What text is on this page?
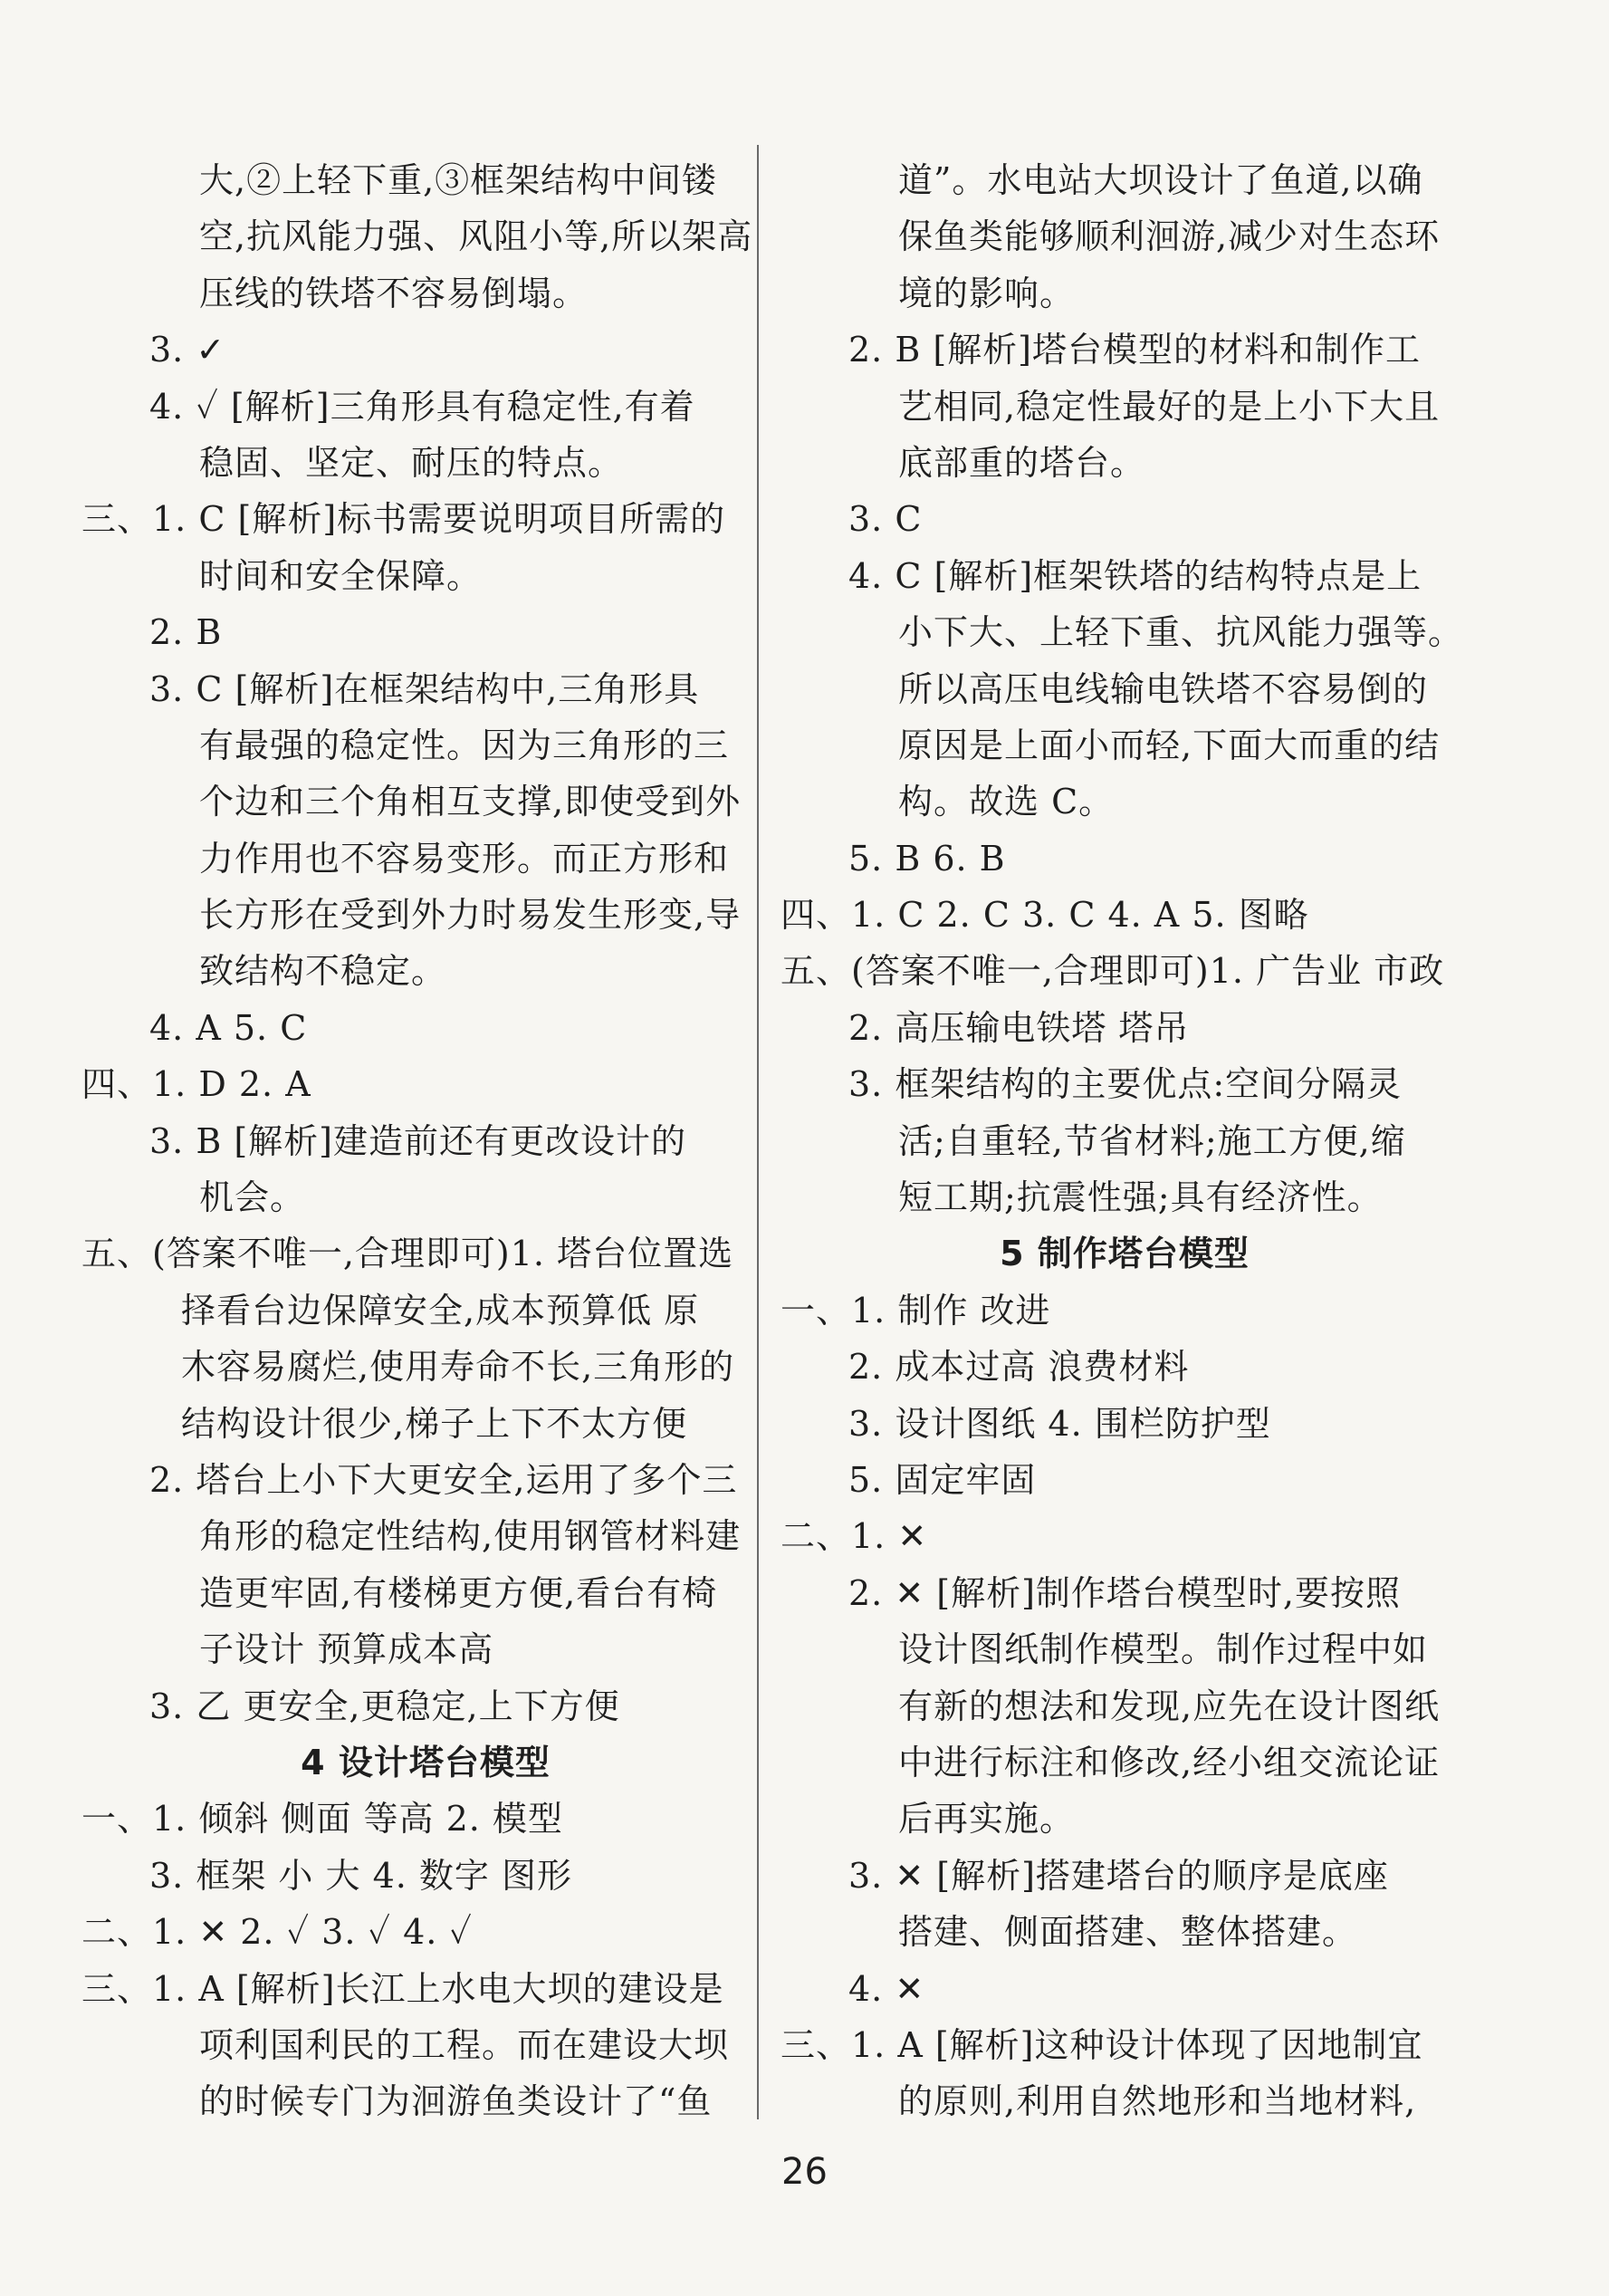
大,②上轻下重,③框架结构中间镂
空,抗风能力强、风阻小等,所以架高
压线的铁塔不容易倒塌。
3. ✓
4. ✓ [解析]三角形具有稳定性,有着
稳固、坚定、耐压的特点。
三、1. C [解析]标书需要说明项目所需的
时间和安全保障。
2. B
3. C [解析]在框架结构中,三角形具
有最强的稳定性。因为三角形的三
个边和三个角相互支撑,即使受到外
力作用也不容易变形。而正方形和
长方形在受到外力时易发生形变,导
致结构不稳定。
4. A 5. C
四、1. D 2. A
3. B [解析]建造前还有更改设计的
机会。
五、(答案不唯一,合理即可)1. 塔台位置选
择看台边保障安全,成本预算低 原
木容易腐烂,使用寿命不长,三角形的
结构设计很少,梯子上下不太方便
2. 塔台上小下大更安全,运用了多个三
角形的稳定性结构,使用钢管材料建
造更牢固,有楼梯更方便,看台有椅
子设计 预算成本高
3. 乙 更安全,更稳定,上下方便
4 设计塔台模型
一、1. 倾斜 侧面 等高 2. 模型
3. 框架 小 大 4. 数字 图形
二、1. ✕ 2. ✓ 3. ✓ 4. ✓
三、1. A [解析]长江上水电大坝的建设是
项利国利民的工程。而在建设大坝
的时候专门为洄游鱼类设计了“鱼
道”。水电站大坝设计了鱼道,以确
保鱼类能够顺利洄游,减少对生态环
境的影响。
2. B [解析]塔台模型的材料和制作工
艺相同,稳定性最好的是上小下大且
底部重的塔台。
3. C
4. C [解析]框架铁塔的结构特点是上
小下大、上轻下重、抗风能力强等。
所以高压电线输电铁塔不容易倒的
原因是上面小而轻,下面大而重的结
构。故选 C。
5. B 6. B
四、1. C 2. C 3. C 4. A 5. 图略
五、(答案不唯一,合理即可)1. 广告业 市政
2. 高压输电铁塔 塔吊
3. 框架结构的主要优点:空间分隔灵
活;自重轻,节省材料;施工方便,缩
短工期;抗震性强;具有经济性。
5 制作塔台模型
一、1. 制作 改进
2. 成本过高 浪费材料
3. 设计图纸 4. 围栏防护型
5. 固定牢固
二、1. ✕
2. ✕ [解析]制作塔台模型时,要按照
设计图纸制作模型。制作过程中如
有新的想法和发现,应先在设计图纸
中进行标注和修改,经小组交流论证
后再实施。
3. ✕ [解析]搭建塔台的顺序是底座
搭建、侧面搭建、整体搭建。
4. ✕
三、1. A [解析]这种设计体现了因地制宜
的原则,利用自然地形和当地材料,
26
